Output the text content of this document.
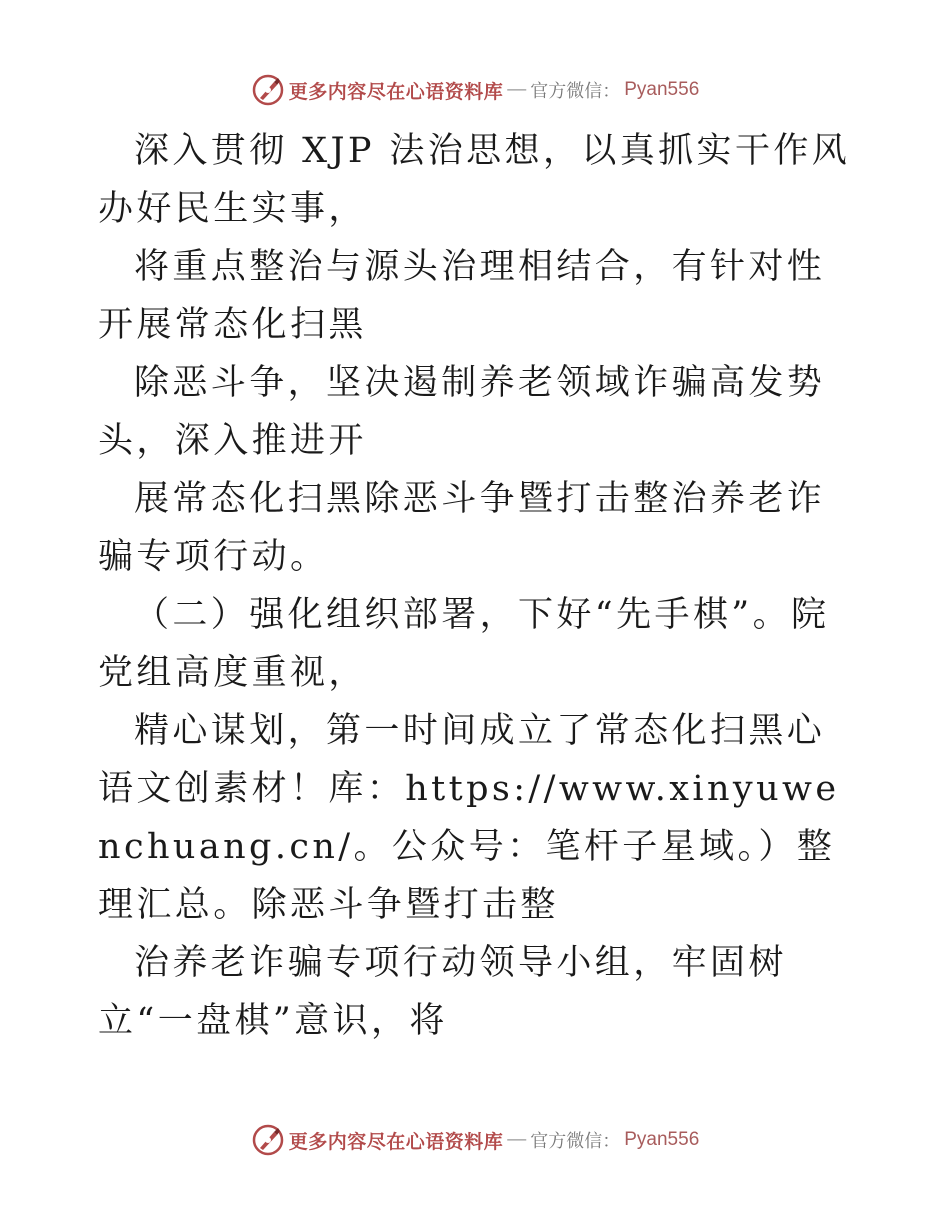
更多内容尽在心语资料库 — 官方微信： Pyan556

深入贯彻 XJP 法治思想，以真抓实干作风办好民生实事，

将重点整治与源头治理相结合，有针对性开展常态化扫黑

除恶斗争，坚决遏制养老领域诈骗高发势头，深入推进开

展常态化扫黑除恶斗争暨打击整治养老诈骗专项行动。

（二）强化组织部署，下好“先手棋”。院党组高度重视，

精心谋划，第一时间成立了常态化扫黑心语文创素材！库：https://www.xinyuwenchuang.cn/。公众号：笔杆子星域。）整理汇总。除恶斗争暨打击整

治养老诈骗专项行动领导小组，牢固树立“一盘棋”意识，将

更多内容尽在心语资料库 — 官方微信： Pyan556
